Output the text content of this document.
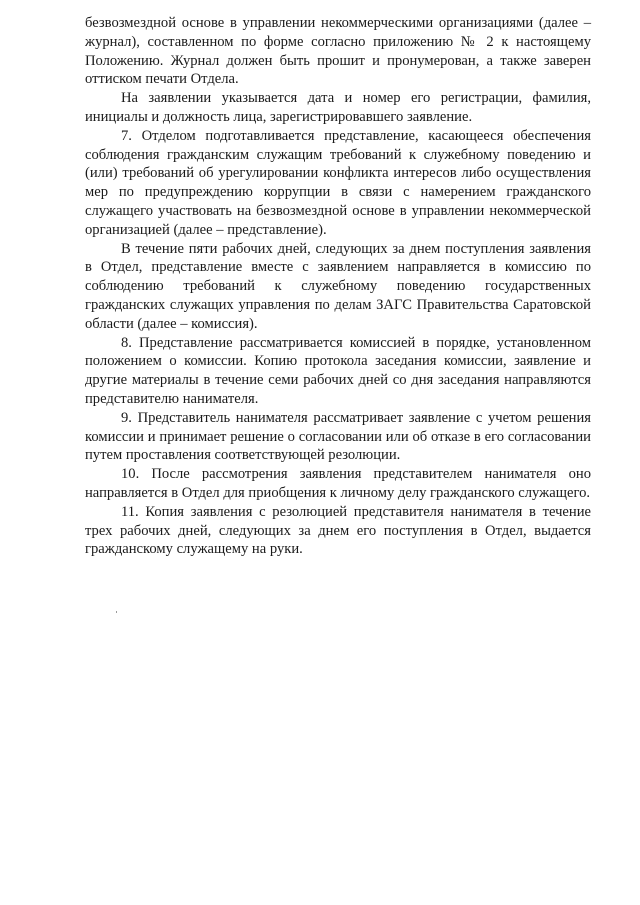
безвозмездной основе в управлении некоммерческими организациями (далее – журнал), составленном по форме согласно приложению № 2 к настоящему Положению. Журнал должен быть прошит и пронумерован, а также заверен оттиском печати Отдела.

На заявлении указывается дата и номер его регистрации, фамилия, инициалы и должность лица, зарегистрировавшего заявление.

7. Отделом подготавливается представление, касающееся обеспечения соблюдения гражданским служащим требований к служебному поведению и (или) требований об урегулировании конфликта интересов либо осуществления мер по предупреждению коррупции в связи с намерением гражданского служащего участвовать на безвозмездной основе в управлении некоммерческой организацией (далее – представление).

В течение пяти рабочих дней, следующих за днем поступления заявления в Отдел, представление вместе с заявлением направляется в комиссию по соблюдению требований к служебному поведению государственных гражданских служащих управления по делам ЗАГС Правительства Саратовской области (далее – комиссия).

8. Представление рассматривается комиссией в порядке, установленном положением о комиссии. Копию протокола заседания комиссии, заявление и другие материалы в течение семи рабочих дней со дня заседания направляются представителю нанимателя.

9. Представитель нанимателя рассматривает заявление с учетом решения комиссии и принимает решение о согласовании или об отказе в его согласовании путем проставления соответствующей резолюции.

10. После рассмотрения заявления представителем нанимателя оно направляется в Отдел для приобщения к личному делу гражданского служащего.

11. Копия заявления с резолюцией представителя нанимателя в течение трех рабочих дней, следующих за днем его поступления в Отдел, выдается гражданскому служащему на руки.
